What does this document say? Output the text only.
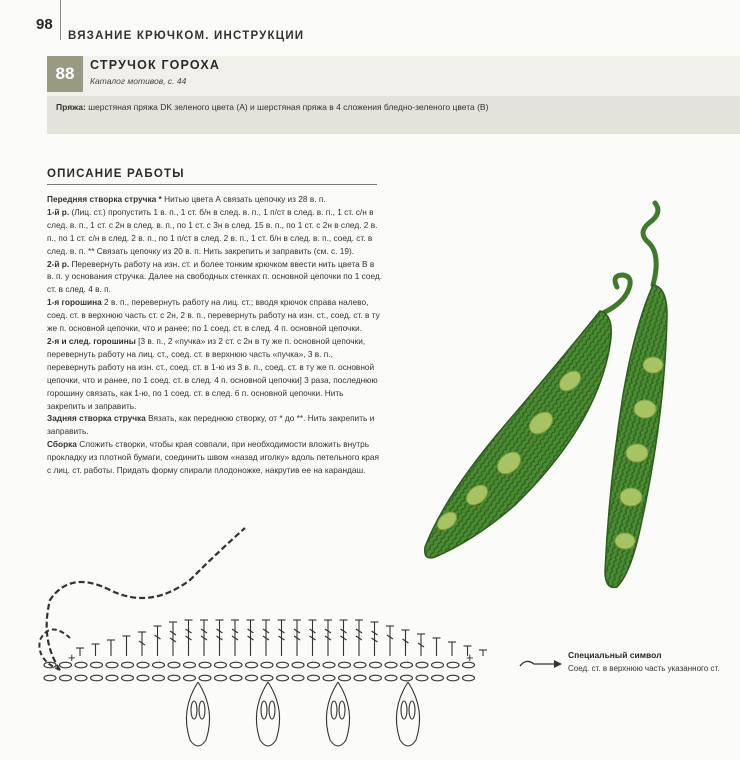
98
ВЯЗАНИЕ КРЮЧКОМ. ИНСТРУКЦИИ
88	СТРУЧОК ГОРОХА
Каталог мотивов, с. 44
Пряжа: шерстяная пряжа DK зеленого цвета (А) и шерстяная пряжа в 4 сложения бледно-зеленого цвета (В)
ОПИСАНИЕ РАБОТЫ

Передняя створка стручка * Нитью цвета А связать цепочку из 28 в. п.

1-й р. (Лиц. ст.) пропустить 1 в. п., 1 ст. б/н в след. в. п., 1 п/ст в след. в. п., 1 ст. с/н в след. в. п., 1 ст. с 2н в след. в. п., по 1 ст. с 3н в след. 15 в. п., по 1 ст. с 2н в след. 2 в. п., по 1 ст. с/н в след. 2 в. п., по 1 п/ст в след. 2 в. п., 1 ст. б/н в след. в. п., соед. ст. в след. в. п. ** Связать цепочку из 20 в. п. Нить закрепить и заправить (см. с. 19).

2-й р. Перевернуть работу на изн. ст. и более тонким крючком ввести нить цвета В в в. п. у основания стручка. Далее на свободных стенках п. основной цепочки по 1 соед. ст. в след. 4 в. п.

1-я горошина 2 в. п., перевернуть работу на лиц. ст.; вводя крючок справа налево, соед. ст. в верхнюю часть ст. с 2н, 2 в. п., перевернуть работу на изн. ст., соед. ст. в ту же п. основной цепочки, что и ранее; по 1 соед. ст. в след. 4 п. основной цепочки.

2-я и след. горошины [3 в. п., 2 «пучка» из 2 ст. с 2н в ту же п. основной цепочки, перевернуть работу на лиц. ст., соед. ст. в верхнюю часть «пучка», 3 в. п., перевернуть работу на изн. ст., соед. ст. в 1-ю из 3 в. п., соед. ст. в ту же п. основной цепочки, что и ранее, по 1 соед. ст. в след. 4 п. основной цепочки] 3 раза, последнюю горошину связать, как 1-ю, по 1 соед. ст. в след. 6 п. основной цепочки. Нить закрепить и заправить.

Задняя створка стручка Вязать, как переднюю створку, от * до **. Нить закрепить и заправить.

Сборка Сложить створки, чтобы края совпали, при необходимости вложить внутрь прокладку из плотной бумаги, соединить швом «назад иголку» вдоль петельного края с лиц. ст. работы. Придать форму спирали плодоножке, накрутив ее на карандаш.

+	+	Специальный символ
Соед. ст. в верхнюю часть указанного ст.
